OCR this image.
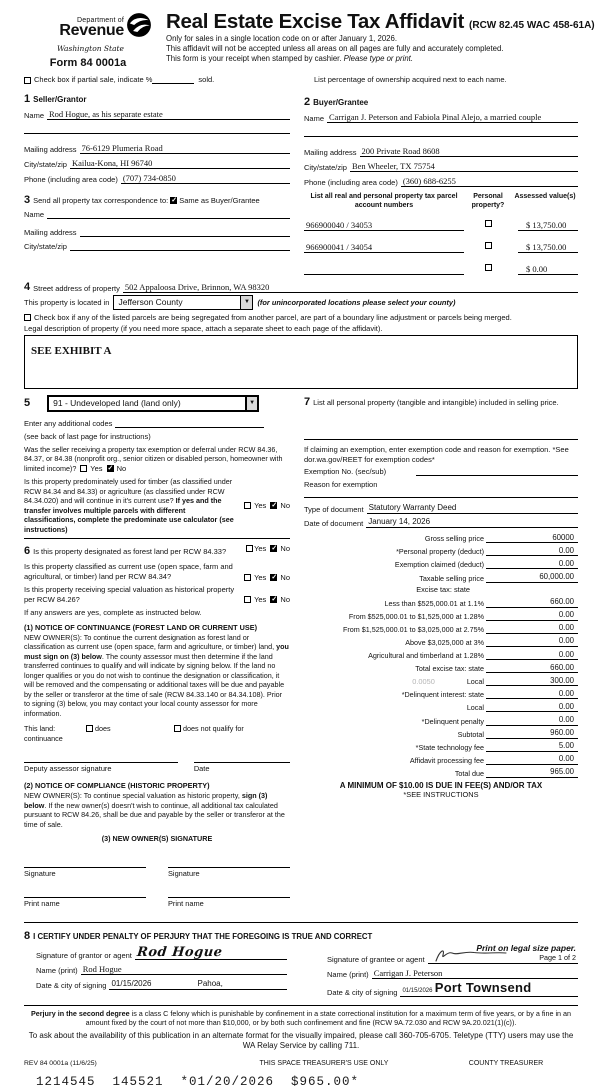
Department of
Revenue
Washington State
Form 84 0001a
Real Estate Excise Tax Affidavit (RCW 82.45 WAC 458-61A)
Only for sales in a single location code on or after January 1, 2026.
This affidavit will not be accepted unless all areas on all pages are fully and accurately completed.
This form is your receipt when stamped by cashier. Please type or print.
Check box if partial sale, indicate %	sold.	List percentage of ownership acquired next to each name.
1 Seller/Grantor
Name Rod Hogue, as his separate estate
Mailing address 76-6129 Plumeria Road
City/state/zip Kailua-Kona, HI 96740
Phone (including area code) (707) 734-0850
3 Send all property tax correspondence to: ✓ Same as Buyer/Grantee
Name
Mailing address
City/state/zip
2 Buyer/Grantee
Name Carrigan J. Peterson and Fabiola Pinal Alejo, a married couple
Mailing address 200 Private Road 8608
City/state/zip Ben Wheeler, TX 75754
Phone (including area code) (360) 688-6255
List all real and personal property tax parcel account numbers
Personal property?
Assessed value(s)
966900040 / 34053	$ 13,750.00
966900041 / 34054	$ 13,750.00
$ 0.00
4 Street address of property 502 Appaloosa Drive, Brinnon, WA 98320
This property is located in	Jefferson County	▼	(for unincorporated locations please select your county)
Check box if any of the listed parcels are being segregated from another parcel, are part of a boundary line adjustment or parcels being merged.
Legal description of property (if you need more space, attach a separate sheet to each page of the affidavit).
SEE EXHIBIT A
5	91 - Undeveloped land (land only)	▼
Enter any additional codes
(see back of last page for instructions)
Was the seller receiving a property tax exemption or deferral under RCW 84.36, 84.37, or 84.38 (nonprofit org., senior citizen or disabled person, homeowner with limited income)? Yes ✓ No
Is this property predominately used for timber (as classified under RCW 84.34 and 84.33) or agriculture (as classified under RCW 84.34.020) and will continue in it's current use? If yes and the transfer involves multiple parcels with different classifications, complete the predominate use calculator (see instructions)
Yes ✓ No
6 Is this property designated as forest land per RCW 84.33?	Yes ✓ No
Is this property classified as current use (open space, farm and agricultural, or timber) land per RCW 84.34?	Yes ✓ No
Is this property receiving special valuation as historical property per RCW 84.26?	Yes ✓ No
If any answers are yes, complete as instructed below.
(1) NOTICE OF CONTINUANCE (FOREST LAND OR CURRENT USE)
NEW OWNER(S): To continue the current designation as forest land or classification as current use (open space, farm and agriculture, or timber) land, you must sign on (3) below. The county assessor must then determine if the land transferred continues to qualify and will indicate by signing below. If the land no longer qualifies or you do not wish to continue the designation or classification, it will be removed and the compensating or additional taxes will be due and payable by the seller or transferor at the time of sale (RCW 84.33.140 or 84.34.108). Prior to signing (3) below, you may contact your local county assessor for more information.
This land:	does	does not qualify for
continuance
Deputy assessor signature	Date
(2) NOTICE OF COMPLIANCE (HISTORIC PROPERTY)
NEW OWNER(S): To continue special valuation as historic property, sign (3) below. If the new owner(s) doesn't wish to continue, all additional tax calculated pursuant to RCW 84.26, shall be due and payable by the seller or transferor at the time of sale.
(3) NEW OWNER(S) SIGNATURE
Signature
Print name
Signature
Print name
7 List all personal property (tangible and intangible) included in selling price.
If claiming an exemption, enter exemption code and reason for exemption. *See dor.wa.gov/REET for exemption codes*
Exemption No. (sec/sub)
Reason for exemption
Type of document Statutory Warranty Deed
Date of document January 14, 2026
Gross selling price	60000
*Personal property (deduct)	0.00
Exemption claimed (deduct)	0.00
Taxable selling price	60,000.00
Excise tax: state
Less than $525,000.01 at 1.1%	660.00
From $525,000.01 to $1,525,000 at 1.28%	0.00
From $1,525,000.01 to $3,025,000 at 2.75%	0.00
Above $3,025,000 at 3%	0.00
Agricultural and timberland at 1.28%	0.00
Total excise tax: state	660.00
0.0050	Local	300.00
*Delinquent interest: state	0.00
Local	0.00
*Delinquent penalty	0.00
Subtotal	960.00
*State technology fee	5.00
Affidavit processing fee	0.00
Total due	965.00
A MINIMUM OF $10.00 IS DUE IN FEE(S) AND/OR TAX
*SEE INSTRUCTIONS
8 I CERTIFY UNDER PENALTY OF PERJURY THAT THE FOREGOING IS TRUE AND CORRECT
Signature of grantor or agent Rod Hogue
Name (print) Rod Hogue
Date & city of signing 01/15/2026	Pahoa,
Signature of grantee or agent
Name (print) Carrigan J. Peterson
Date & city of signing 01/15/2026 Port Townsend
Perjury in the second degree is a class C felony which is punishable by confinement in a state correctional institution for a maximum term of five years, or by a fine in an amount fixed by the court of not more than $10,000, or by both such confinement and fine (RCW 9A.72.030 and RCW 9A.20.021(1)(c)).
To ask about the availability of this publication in an alternate format for the visually impaired, please call 360-705-6705. Teletype (TTY) users may use the WA Relay Service by calling 711.
REV 84 0001a (11/6/25)	THIS SPACE TREASURER'S USE ONLY	COUNTY TREASURER
1214545  145521  *01/20/2026  $965.00*
Print on legal size paper.
Page 1 of 2
